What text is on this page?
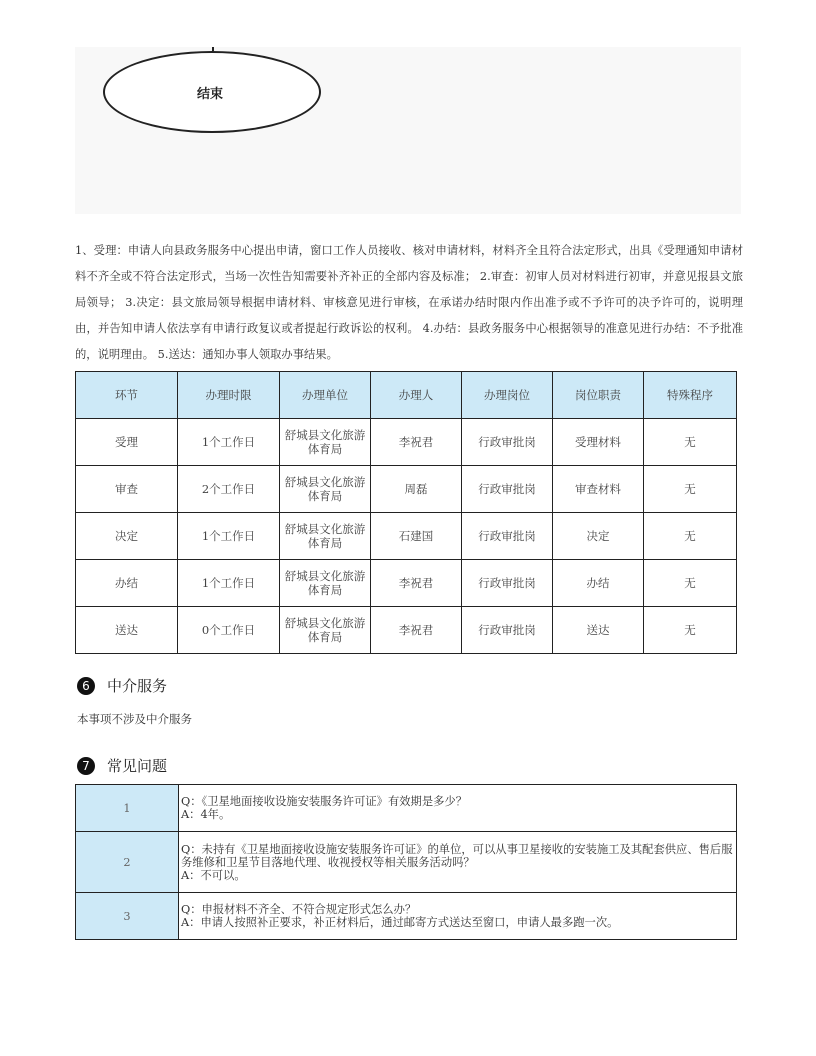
结束
1、受理：申请人向县政务服务中心提出申请，窗口工作人员接收、核对申请材料，材料齐全且符合法定形式，出具《受理通知申请材料不齐全或不符合法定形式，当场一次性告知需要补齐补正的全部内容及标准； 2.审查：初审人员对材料进行初审，并意见报县文旅局领导； 3.决定：县文旅局领导根据申请材料、审核意见进行审核，在承诺办结时限内作出准予或不予许可的决予许可的，说明理由，并告知申请人依法享有申请行政复议或者提起行政诉讼的权利。 4.办结：县政务服务中心根据领导的准意见进行办结：不予批准的，说明理由。 5.送达：通知办事人领取办事结果。
环节	办理时限	办理单位	办理人	办理岗位	岗位职责	特殊程序
受理	1个工作日	舒城县文化旅游体育局	李祝君	行政审批岗	受理材料	无
审查	2个工作日	舒城县文化旅游体育局	周磊	行政审批岗	审查材料	无
决定	1个工作日	舒城县文化旅游体育局	石建国	行政审批岗	决定	无
办结	1个工作日	舒城县文化旅游体育局	李祝君	行政审批岗	办结	无
送达	0个工作日	舒城县文化旅游体育局	李祝君	行政审批岗	送达	无
6	中介服务
本事项不涉及中介服务
7	常见问题
1	Q：《卫星地面接收设施安装服务许可证》有效期是多少？
A：4年。

2	Q：未持有《卫星地面接收设施安装服务许可证》的单位，可以从事卫星接收的安装施工及其配套供应、售后服务维修和卫星节目落地代理、收视授权等相关服务活动吗？
A：不可以。

3	Q：申报材料不齐全、不符合规定形式怎么办？
A：申请人按照补正要求，补正材料后，通过邮寄方式送达至窗口，申请人最多跑一次。
